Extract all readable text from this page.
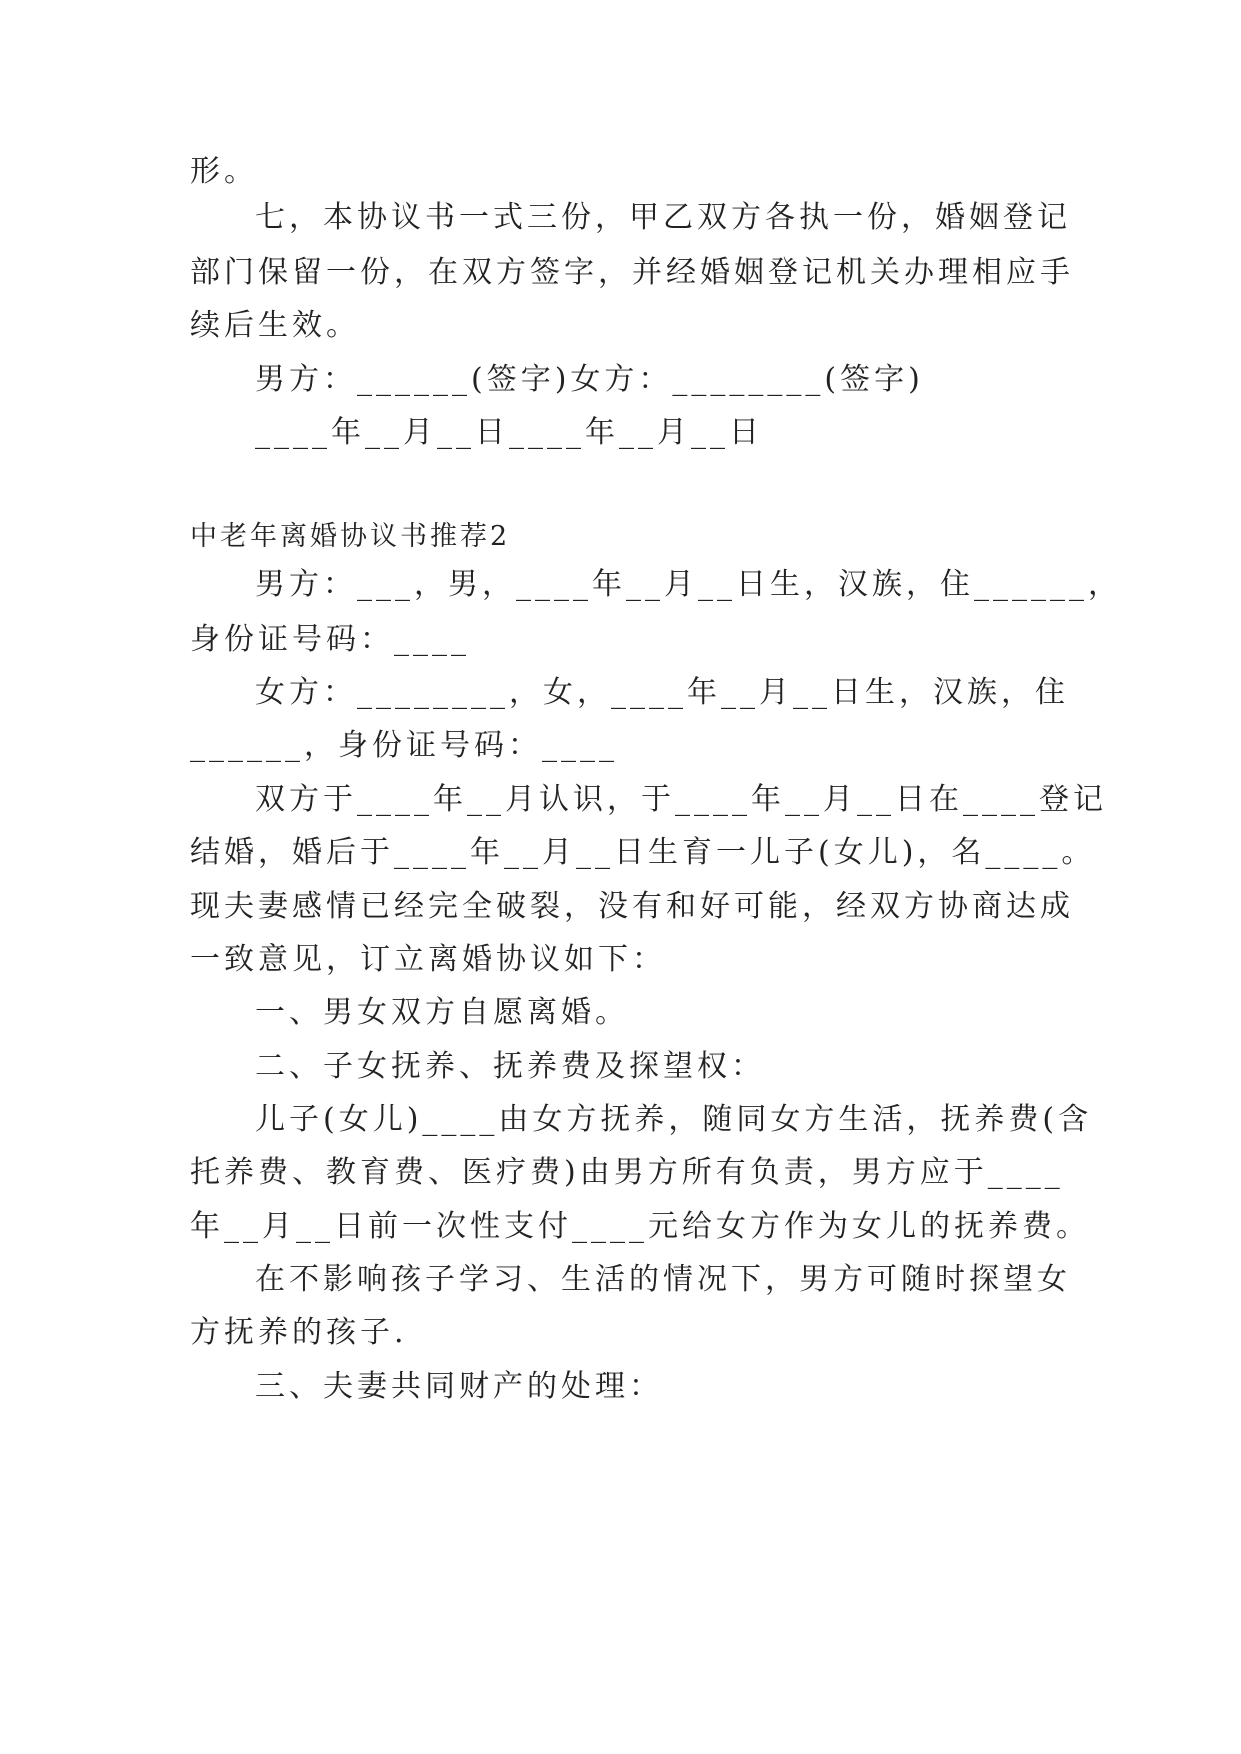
形。
七，本协议书一式三份，甲乙双方各执一份，婚姻登记
部门保留一份，在双方签字，并经婚姻登记机关办理相应手
续后生效。
男方：______(签字)女方：________(签字)
____年__月__日____年__月__日
中老年离婚协议书推荐2
男方：___，男，____年__月__日生，汉族，住______，
身份证号码：____
女方：________，女，____年__月__日生，汉族，住
______，身份证号码：____
双方于____年__月认识，于____年__月__日在____登记
结婚，婚后于____年__月__日生育一儿子(女儿)，名____。
现夫妻感情已经完全破裂，没有和好可能，经双方协商达成
一致意见，订立离婚协议如下：
一、男女双方自愿离婚。
二、子女抚养、抚养费及探望权：
儿子(女儿)____由女方抚养，随同女方生活，抚养费(含
托养费、教育费、医疗费)由男方所有负责，男方应于____
年__月__日前一次性支付____元给女方作为女儿的抚养费。
在不影响孩子学习、生活的情况下，男方可随时探望女
方抚养的孩子.
三、夫妻共同财产的处理：
